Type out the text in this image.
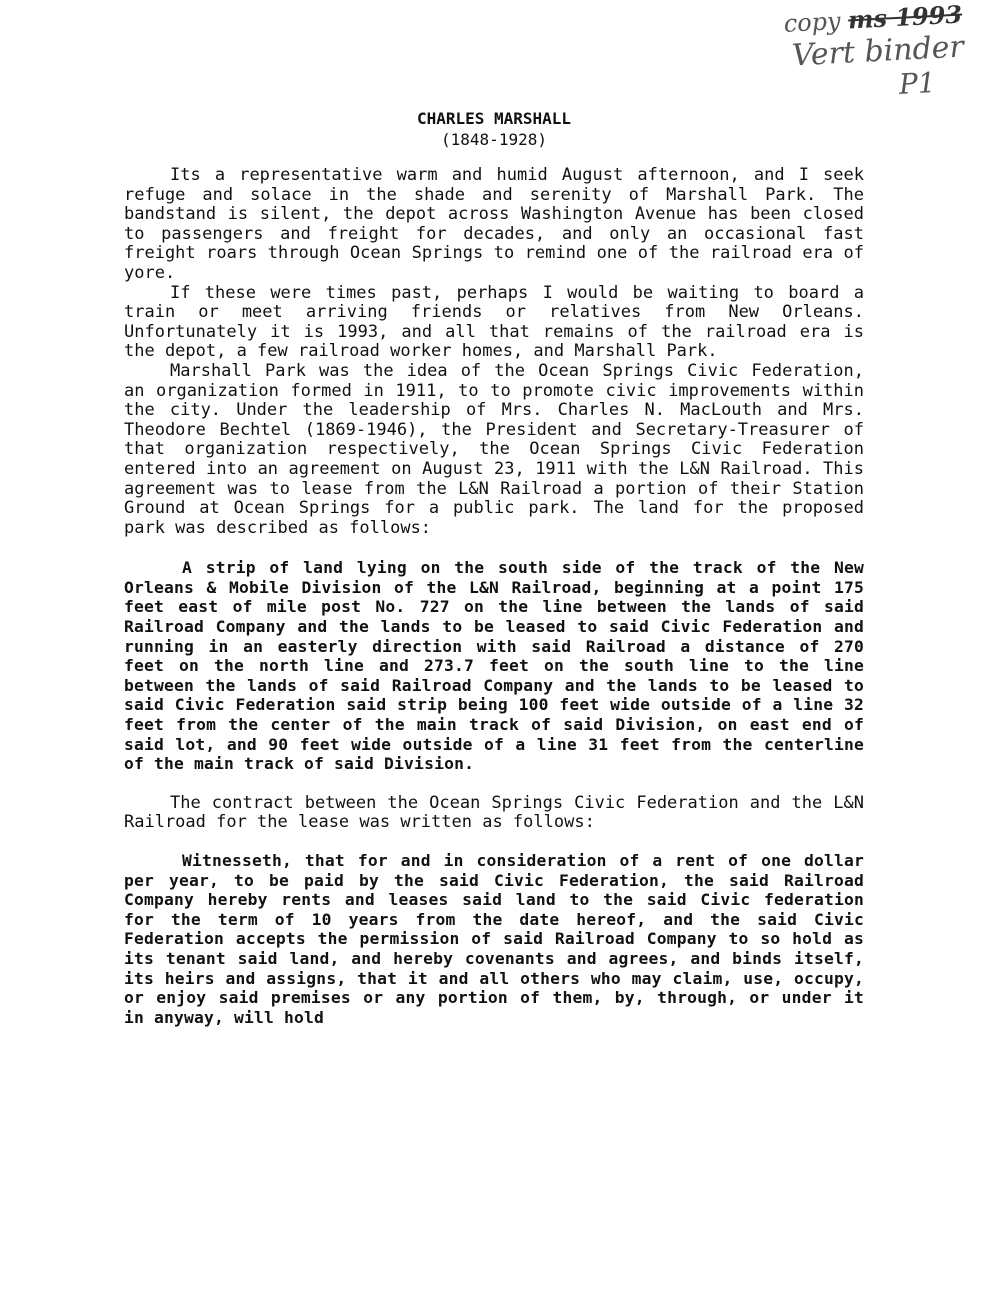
copy ms 1993
Vert binder
P1
CHARLES MARSHALL
(1848-1928)

Its a representative warm and humid August afternoon, and I seek refuge and solace in the shade and serenity of Marshall Park. The bandstand is silent, the depot across Washington Avenue has been closed to passengers and freight for decades, and only an occasional fast freight roars through Ocean Springs to remind one of the railroad era of yore.

If these were times past, perhaps I would be waiting to board a train or meet arriving friends or relatives from New Orleans. Unfortunately it is 1993, and all that remains of the railroad era is the depot, a few railroad worker homes, and Marshall Park.

Marshall Park was the idea of the Ocean Springs Civic Federation, an organization formed in 1911, to to promote civic improvements within the city. Under the leadership of Mrs. Charles N. MacLouth and Mrs. Theodore Bechtel (1869-1946), the President and Secretary-Treasurer of that organization respectively, the Ocean Springs Civic Federation entered into an agreement on August 23, 1911 with the L&N Railroad. This agreement was to lease from the L&N Railroad a portion of their Station Ground at Ocean Springs for a public park. The land for the proposed park was described as follows:

A strip of land lying on the south side of the track of the New Orleans & Mobile Division of the L&N Railroad, beginning at a point 175 feet east of mile post No. 727 on the line between the lands of said Railroad Company and the lands to be leased to said Civic Federation and running in an easterly direction with said Railroad a distance of 270 feet on the north line and 273.7 feet on the south line to the line between the lands of said Railroad Company and the lands to be leased to said Civic Federation said strip being 100 feet wide outside of a line 32 feet from the center of the main track of said Division, on east end of said lot, and 90 feet wide outside of a line 31 feet from the centerline of the main track of said Division.

The contract between the Ocean Springs Civic Federation and the L&N Railroad for the lease was written as follows:

Witnesseth, that for and in consideration of a rent of one dollar per year, to be paid by the said Civic Federation, the said Railroad Company hereby rents and leases said land to the said Civic federation for the term of 10 years from the date hereof, and the said Civic Federation accepts the permission of said Railroad Company to so hold as its tenant said land, and hereby covenants and agrees, and binds itself, its heirs and assigns, that it and all others who may claim, use, occupy, or enjoy said premises or any portion of them, by, through, or under it in anyway, will hold
